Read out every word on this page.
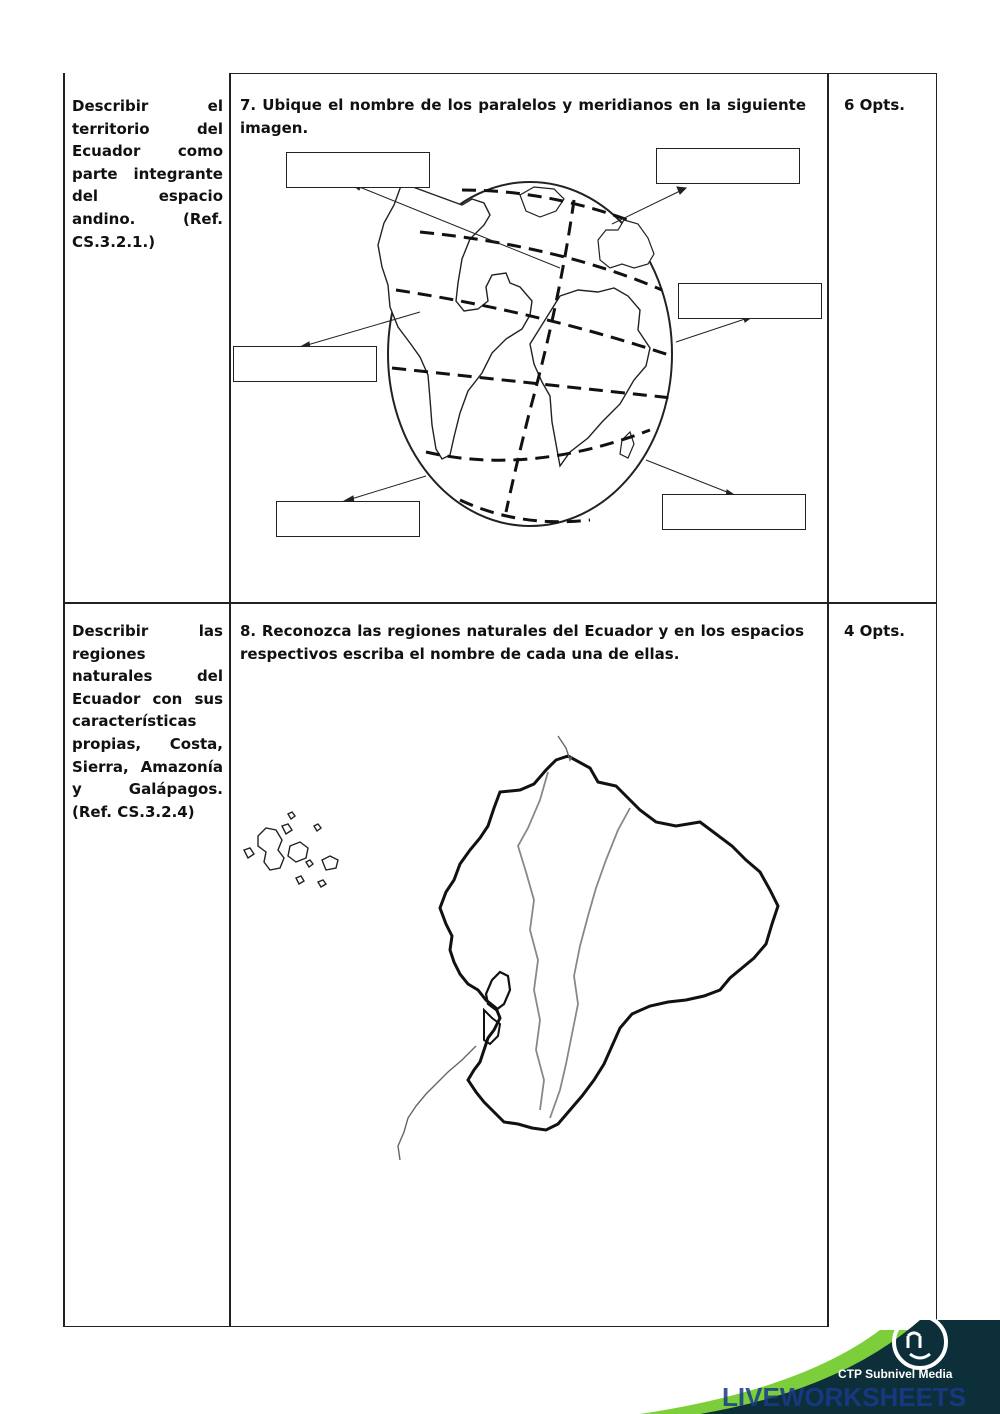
Describir el territorio del Ecuador como parte integrante del espacio andino. (Ref. CS.3.2.1.)
7. Ubique el nombre de los paralelos y meridianos en la siguiente imagen.
6 Opts.
Describir las regiones naturales del Ecuador con sus características propias, Costa, Sierra, Amazonía y Galápagos. (Ref. CS.3.2.4)
8. Reconozca las regiones naturales del Ecuador y en los espacios respectivos escriba el nombre de cada una de ellas.
4 Opts.
CTP Subnivel Media
LIVEWORKSHEETS
